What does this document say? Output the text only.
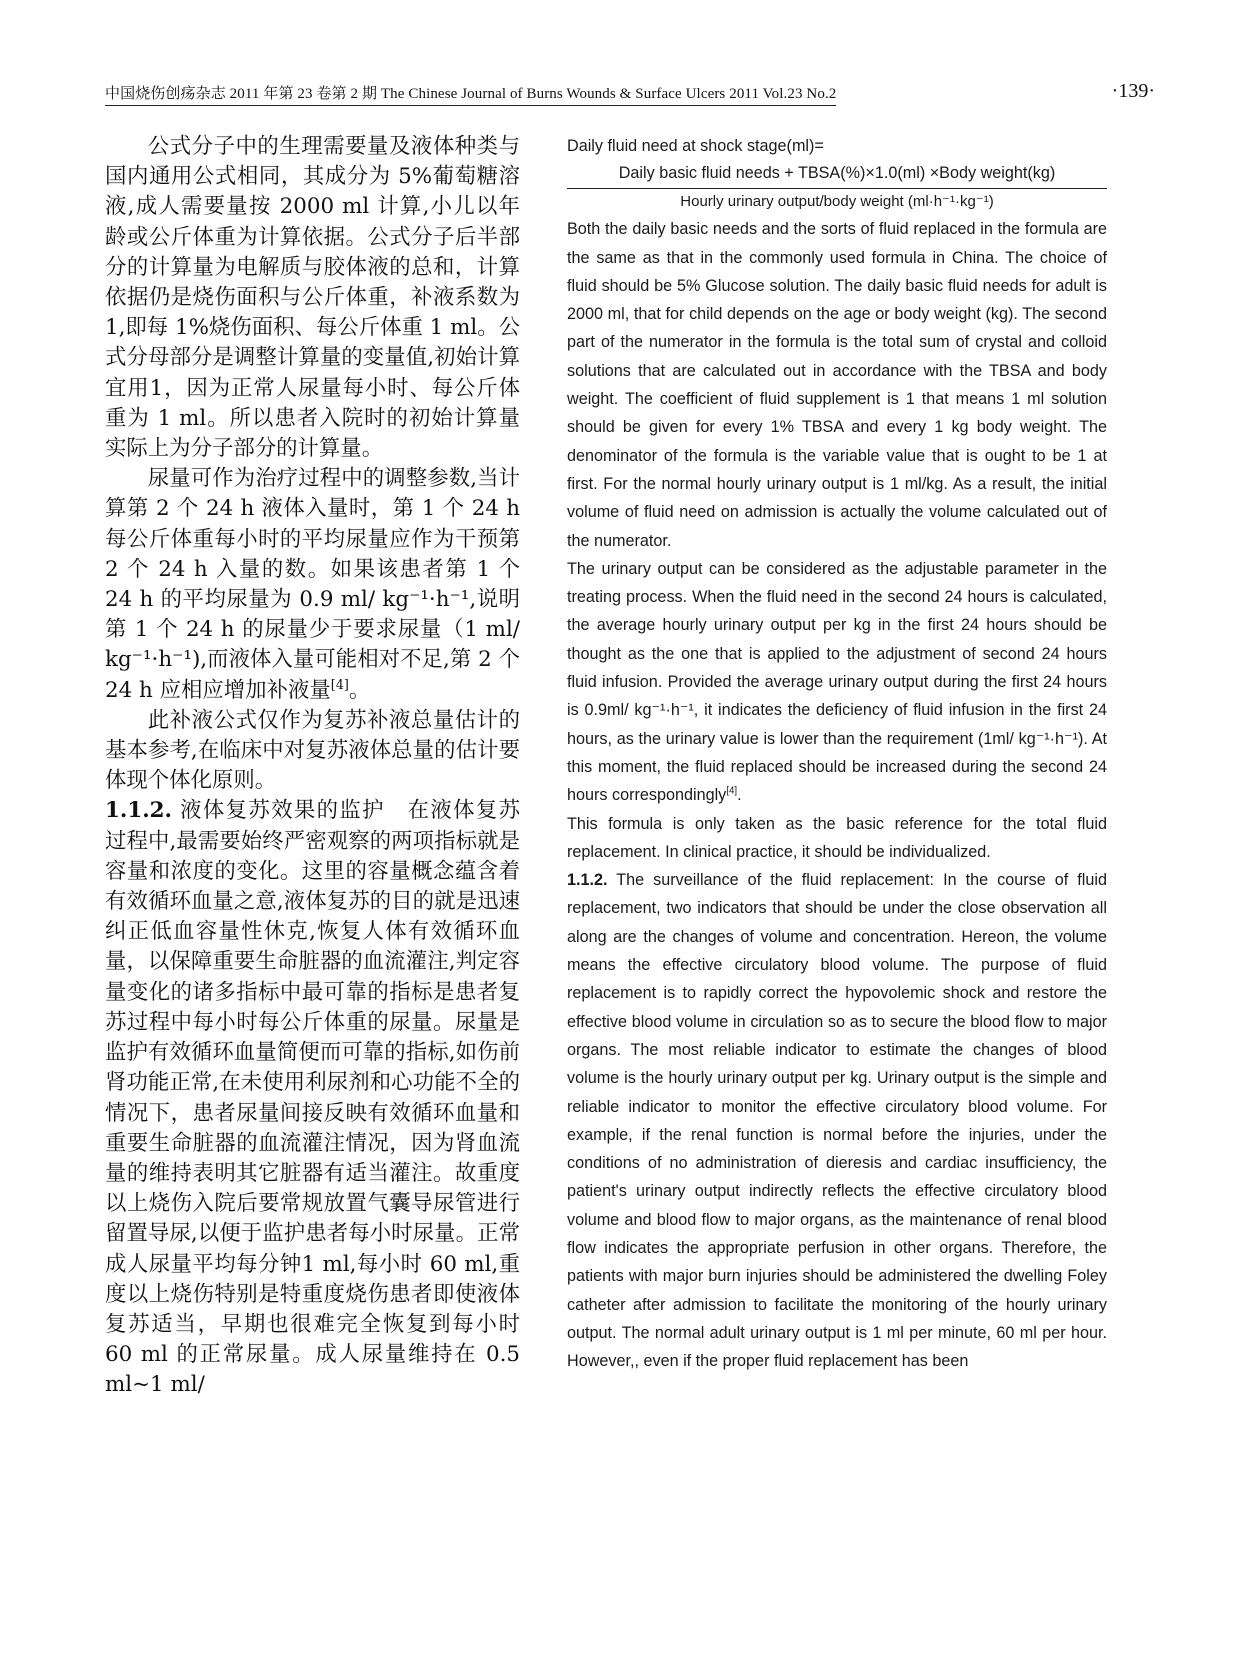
中国烧伤创疡杂志 2011 年第 23 卷第 2 期 The Chinese Journal of Burns Wounds & Surface Ulcers 2011 Vol.23 No.2	·139·

公式分子中的生理需要量及液体种类与国内通用公式相同，其成分为 5%葡萄糖溶液,成人需要量按 2000 ml 计算,小儿以年龄或公斤体重为计算依据。公式分子后半部分的计算量为电解质与胶体液的总和，计算依据仍是烧伤面积与公斤体重，补液系数为1,即每 1%烧伤面积、每公斤体重 1 ml。公式分母部分是调整计算量的变量值,初始计算宜用1，因为正常人尿量每小时、每公斤体重为 1 ml。所以患者入院时的初始计算量实际上为分子部分的计算量。

尿量可作为治疗过程中的调整参数,当计算第 2 个 24 h 液体入量时，第 1 个 24 h 每公斤体重每小时的平均尿量应作为干预第 2 个 24 h 入量的数。如果该患者第 1 个 24 h 的平均尿量为 0.9 ml/ kg⁻¹·h⁻¹,说明第 1 个 24 h 的尿量少于要求尿量（1 ml/ kg⁻¹·h⁻¹),而液体入量可能相对不足,第 2 个 24 h 应相应增加补液量[4]。

此补液公式仅作为复苏补液总量估计的基本参考,在临床中对复苏液体总量的估计要体现个体化原则。

1.1.2. 液体复苏效果的监护　在液体复苏过程中,最需要始终严密观察的两项指标就是容量和浓度的变化。这里的容量概念蕴含着有效循环血量之意,液体复苏的目的就是迅速纠正低血容量性休克,恢复人体有效循环血量，以保障重要生命脏器的血流灌注,判定容量变化的诸多指标中最可靠的指标是患者复苏过程中每小时每公斤体重的尿量。尿量是监护有效循环血量简便而可靠的指标,如伤前肾功能正常,在未使用利尿剂和心功能不全的情况下，患者尿量间接反映有效循环血量和重要生命脏器的血流灌注情况，因为肾血流量的维持表明其它脏器有适当灌注。故重度以上烧伤入院后要常规放置气囊导尿管进行留置导尿,以便于监护患者每小时尿量。正常成人尿量平均每分钟1 ml,每小时 60 ml,重度以上烧伤特别是特重度烧伤患者即使液体复苏适当，早期也很难完全恢复到每小时 60 ml 的正常尿量。成人尿量维持在 0.5 ml~1 ml/

Daily fluid need at shock stage(ml)=
Daily basic fluid needs + TBSA(%)×1.0(ml) ×Body weight(kg)
Hourly urinary output/body weight (ml·h⁻¹·kg⁻¹)

Both the daily basic needs and the sorts of fluid replaced in the formula are the same as that in the commonly used formula in China. The choice of fluid should be 5% Glucose solution. The daily basic fluid needs for adult is 2000 ml, that for child depends on the age or body weight (kg). The second part of the numerator in the formula is the total sum of crystal and colloid solutions that are calculated out in accordance with the TBSA and body weight. The coefficient of fluid supplement is 1 that means 1 ml solution should be given for every 1% TBSA and every 1 kg body weight. The denominator of the formula is the variable value that is ought to be 1 at first. For the normal hourly urinary output is 1 ml/kg. As a result, the initial volume of fluid need on admission is actually the volume calculated out of the numerator.

The urinary output can be considered as the adjustable parameter in the treating process. When the fluid need in the second 24 hours is calculated, the average hourly urinary output per kg in the first 24 hours should be thought as the one that is applied to the adjustment of second 24 hours fluid infusion. Provided the average urinary output during the first 24 hours is 0.9ml/ kg⁻¹·h⁻¹, it indicates the deficiency of fluid infusion in the first 24 hours, as the urinary value is lower than the requirement (1ml/ kg⁻¹·h⁻¹). At this moment, the fluid replaced should be increased during the second 24 hours correspondingly[4].

This formula is only taken as the basic reference for the total fluid replacement. In clinical practice, it should be individualized.

1.1.2. The surveillance of the fluid replacement: In the course of fluid replacement, two indicators that should be under the close observation all along are the changes of volume and concentration. Hereon, the volume means the effective circulatory blood volume. The purpose of fluid replacement is to rapidly correct the hypovolemic shock and restore the effective blood volume in circulation so as to secure the blood flow to major organs. The most reliable indicator to estimate the changes of blood volume is the hourly urinary output per kg. Urinary output is the simple and reliable indicator to monitor the effective circulatory blood volume. For example, if the renal function is normal before the injuries, under the conditions of no administration of dieresis and cardiac insufficiency, the patient's urinary output indirectly reflects the effective circulatory blood volume and blood flow to major organs, as the maintenance of renal blood flow indicates the appropriate perfusion in other organs. Therefore, the patients with major burn injuries should be administered the dwelling Foley catheter after admission to facilitate the monitoring of the hourly urinary output. The normal adult urinary output is 1 ml per minute, 60 ml per hour. However,, even if the proper fluid replacement has been
